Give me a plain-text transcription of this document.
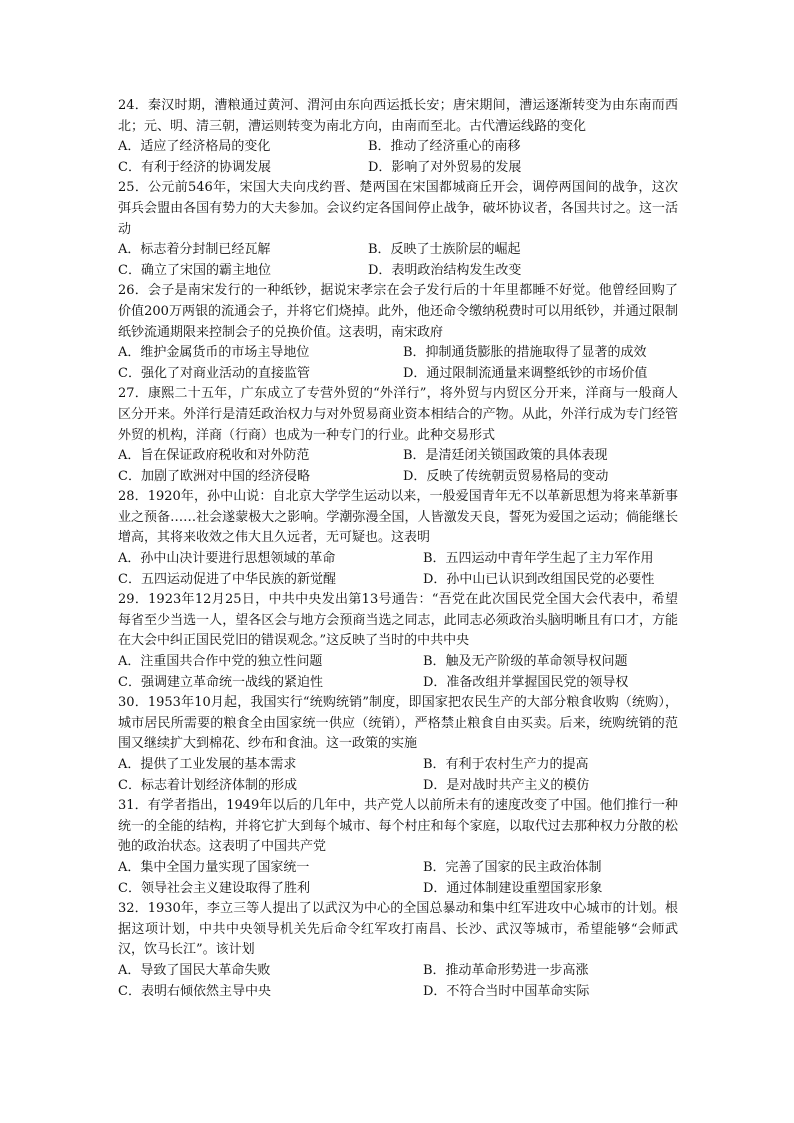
24．秦汉时期，漕粮通过黄河、渭河由东向西运抵长安；唐宋期间，漕运逐渐转变为由东南而西北；元、明、清三朝，漕运则转变为南北方向，由南而至北。古代漕运线路的变化

A．适应了经济格局的变化	B．推动了经济重心的南移
C．有利于经济的协调发展	D．影响了对外贸易的发展

25．公元前546年，宋国大夫向戌约晋、楚两国在宋国都城商丘开会，调停两国间的战争，这次弭兵会盟由各国有势力的大夫参加。会议约定各国间停止战争，破坏协议者，各国共讨之。这一活动

A．标志着分封制已经瓦解	B．反映了士族阶层的崛起
C．确立了宋国的霸主地位	D．表明政治结构发生改变

26．会子是南宋发行的一种纸钞，据说宋孝宗在会子发行后的十年里都睡不好觉。他曾经回购了价值200万两银的流通会子，并将它们烧掉。此外，他还命令缴纳税费时可以用纸钞，并通过限制纸钞流通期限来控制会子的兑换价值。这表明，南宋政府

A．维护金属货币的市场主导地位	B．抑制通货膨胀的措施取得了显著的成效
C．强化了对商业活动的直接监管	D．通过限制流通量来调整纸钞的市场价值

27．康熙二十五年，广东成立了专营外贸的“外洋行”，将外贸与内贸区分开来，洋商与一般商人区分开来。外洋行是清廷政治权力与对外贸易商业资本相结合的产物。从此，外洋行成为专门经管外贸的机构，洋商（行商）也成为一种专门的行业。此种交易形式

A．旨在保证政府税收和对外防范	B．是清廷闭关锁国政策的具体表现
C．加剧了欧洲对中国的经济侵略	D．反映了传统朝贡贸易格局的变动

28．1920年，孙中山说：自北京大学学生运动以来，一般爱国青年无不以革新思想为将来革新事业之预备……社会遂蒙极大之影响。学潮弥漫全国，人皆激发天良，誓死为爱国之运动；倘能继长增高，其将来收效之伟大且久远者，无可疑也。这表明

A．孙中山决计要进行思想领域的革命	B．五四运动中青年学生起了主力军作用
C．五四运动促进了中华民族的新觉醒	D．孙中山已认识到改组国民党的必要性

29．1923年12月25日，中共中央发出第13号通告：“吾党在此次国民党全国大会代表中，希望每省至少当选一人，望各区会与地方会预商当选之同志，此同志必须政治头脑明晰且有口才，方能在大会中纠正国民党旧的错误观念。”这反映了当时的中共中央

A．注重国共合作中党的独立性问题	B．触及无产阶级的革命领导权问题
C．强调建立革命统一战线的紧迫性	D．准备改组并掌握国民党的领导权

30．1953年10月起，我国实行“统购统销”制度，即国家把农民生产的大部分粮食收购（统购），城市居民所需要的粮食全由国家统一供应（统销），严格禁止粮食自由买卖。后来，统购统销的范围又继续扩大到棉花、纱布和食油。这一政策的实施

A．提供了工业发展的基本需求	B．有利于农村生产力的提高
C．标志着计划经济体制的形成	D．是对战时共产主义的模仿

31．有学者指出，1949年以后的几年中，共产党人以前所未有的速度改变了中国。他们推行一种统一的全能的结构，并将它扩大到每个城市、每个村庄和每个家庭，以取代过去那种权力分散的松弛的政治状态。这表明了中国共产党

A．集中全国力量实现了国家统一	B．完善了国家的民主政治体制
C．领导社会主义建设取得了胜利	D．通过体制建设重塑国家形象

32．1930年，李立三等人提出了以武汉为中心的全国总暴动和集中红军进攻中心城市的计划。根据这项计划，中共中央领导机关先后命令红军攻打南昌、长沙、武汉等城市，希望能够“会师武汉，饮马长江”。该计划

A．导致了国民大革命失败	B．推动革命形势进一步高涨
C．表明右倾依然主导中央	D．不符合当时中国革命实际
